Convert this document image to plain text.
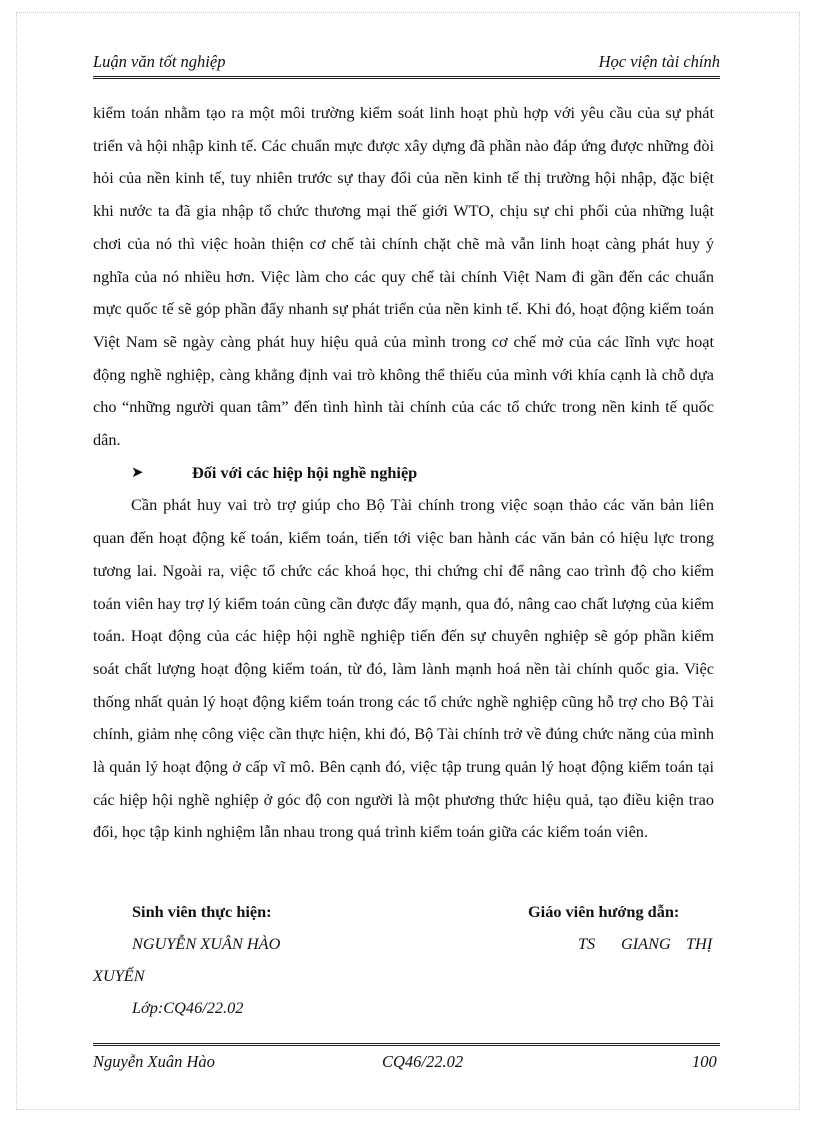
Luận văn tốt nghiệp	Học viện tài chính

kiểm toán nhằm tạo ra một môi trường kiểm soát linh hoạt phù hợp với yêu cầu của sự phát triển và hội nhập kinh tế. Các chuẩn mực được xây dựng đã phần nào đáp ứng được những đòi hỏi của nền kinh tế, tuy nhiên trước sự thay đổi của nền kinh tế thị trường hội nhập, đặc biệt khi nước ta đã gia nhập tổ chức thương mại thế giới WTO, chịu sự chi phối của những luật chơi của nó thì việc hoàn thiện cơ chế tài chính chặt chẽ mà vẫn linh hoạt càng phát huy ý nghĩa của nó nhiều hơn. Việc làm cho các quy chế tài chính Việt Nam đi gần đến các chuẩn mực quốc tế sẽ góp phần đẩy nhanh sự phát triển của nền kinh tế. Khi đó, hoạt động kiểm toán Việt Nam sẽ ngày càng phát huy hiệu quả của mình trong cơ chế mở của các lĩnh vực hoạt động nghề nghiệp, càng khẳng định vai trò không thể thiếu của mình với khía cạnh là chỗ dựa cho “những người quan tâm” đến tình hình tài chính của các tổ chức trong nền kinh tế quốc dân.

➤	Đối với các hiệp hội nghề nghiệp

Cần phát huy vai trò trợ giúp cho Bộ Tài chính trong việc soạn thảo các văn bản liên quan đến hoạt động kế toán, kiểm toán, tiến tới việc ban hành các văn bản có hiệu lực trong tương lai. Ngoài ra, việc tổ chức các khoá học, thi chứng chỉ để nâng cao trình độ cho kiểm toán viên hay trợ lý kiểm toán cũng cần được đẩy mạnh, qua đó, nâng cao chất lượng của kiểm toán. Hoạt động của các hiệp hội nghề nghiệp tiến đến sự chuyên nghiệp sẽ góp phần kiểm soát chất lượng hoạt động kiểm toán, từ đó, làm lành mạnh hoá nền tài chính quốc gia. Việc thống nhất quản lý hoạt động kiểm toán trong các tổ chức nghề nghiệp cũng hỗ trợ cho Bộ Tài chính, giảm nhẹ công việc cần thực hiện, khi đó, Bộ Tài chính trở về đúng chức năng của mình là quản lý hoạt động ở cấp vĩ mô. Bên cạnh đó, việc tập trung quản lý hoạt động kiểm toán tại các hiệp hội nghề nghiệp ở góc độ con người là một phương thức hiệu quả, tạo điều kiện trao đổi, học tập kinh nghiệm lẫn nhau trong quá trình kiểm toán giữa các kiểm toán viên.

Sinh viên thực hiện:	Giáo viên hướng dẫn:
NGUYỄN XUÂN HÀO	TS GIANG THỊ
XUYẾN
Lớp:CQ46/22.02
Nguyễn Xuân Hào	CQ46/22.02	100
